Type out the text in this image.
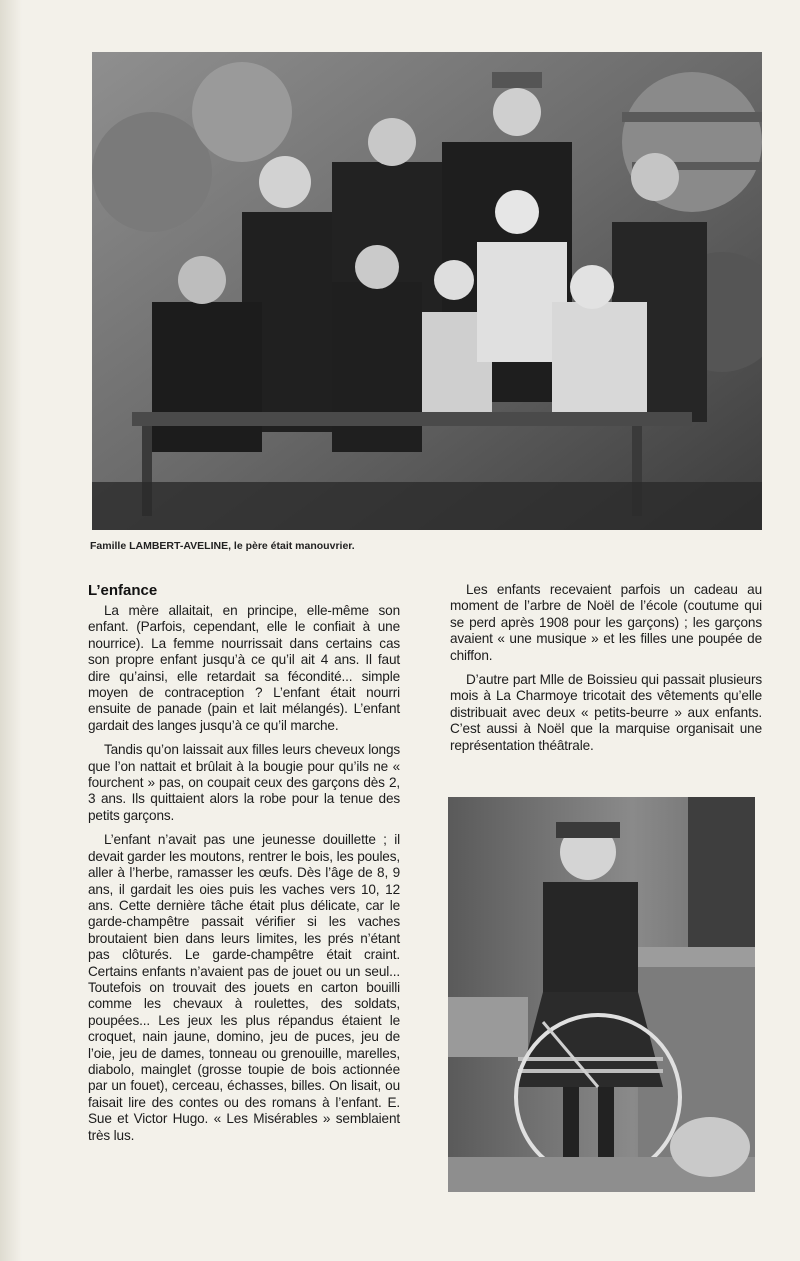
Famille LAMBERT-AVELINE, le père était manouvrier.
L’enfance

La mère allaitait, en principe, elle-même son enfant. (Parfois, cependant, elle le confiait à une nourrice). La femme nourrissait dans certains cas son propre enfant jusqu’à ce qu’il ait 4 ans. Il faut dire qu’ainsi, elle retardait sa fécondité... simple moyen de contraception ? L’enfant était nourri ensuite de panade (pain et lait mélangés). L’enfant gardait des langes jusqu’à ce qu’il marche.

Tandis qu’on laissait aux filles leurs cheveux longs que l’on nattait et brûlait à la bougie pour qu’ils ne « fourchent » pas, on coupait ceux des garçons dès 2, 3 ans. Ils quittaient alors la robe pour la tenue des petits garçons.

L’enfant n’avait pas une jeunesse douillette ; il devait garder les moutons, rentrer le bois, les poules, aller à l’herbe, ramasser les œufs. Dès l’âge de 8, 9 ans, il gardait les oies puis les vaches vers 10, 12 ans. Cette dernière tâche était plus délicate, car le garde-champêtre passait vérifier si les vaches broutaient bien dans leurs limites, les prés n’étant pas clôturés. Le garde-champêtre était craint. Certains enfants n’avaient pas de jouet ou un seul... Toutefois on trouvait des jouets en carton bouilli comme les chevaux à roulettes, des soldats, poupées... Les jeux les plus répandus étaient le croquet, nain jaune, domino, jeu de puces, jeu de l’oie, jeu de dames, tonneau ou grenouille, marelles, diabolo, mainglet (grosse toupie de bois actionnée par un fouet), cerceau, échasses, billes. On lisait, ou faisait lire des contes ou des romans à l’enfant. E. Sue et Victor Hugo. « Les Misérables » semblaient très lus.

Les enfants recevaient parfois un cadeau au moment de l’arbre de Noël de l’école (coutume qui se perd après 1908 pour les garçons) ; les garçons avaient « une musique » et les filles une poupée de chiffon.

D’autre part Mlle de Boissieu qui passait plusieurs mois à La Charmoye tricotait des vêtements qu’elle distribuait avec deux « petits-beurre » aux enfants. C’est aussi à Noël que la marquise organisait une représentation théâtrale.
